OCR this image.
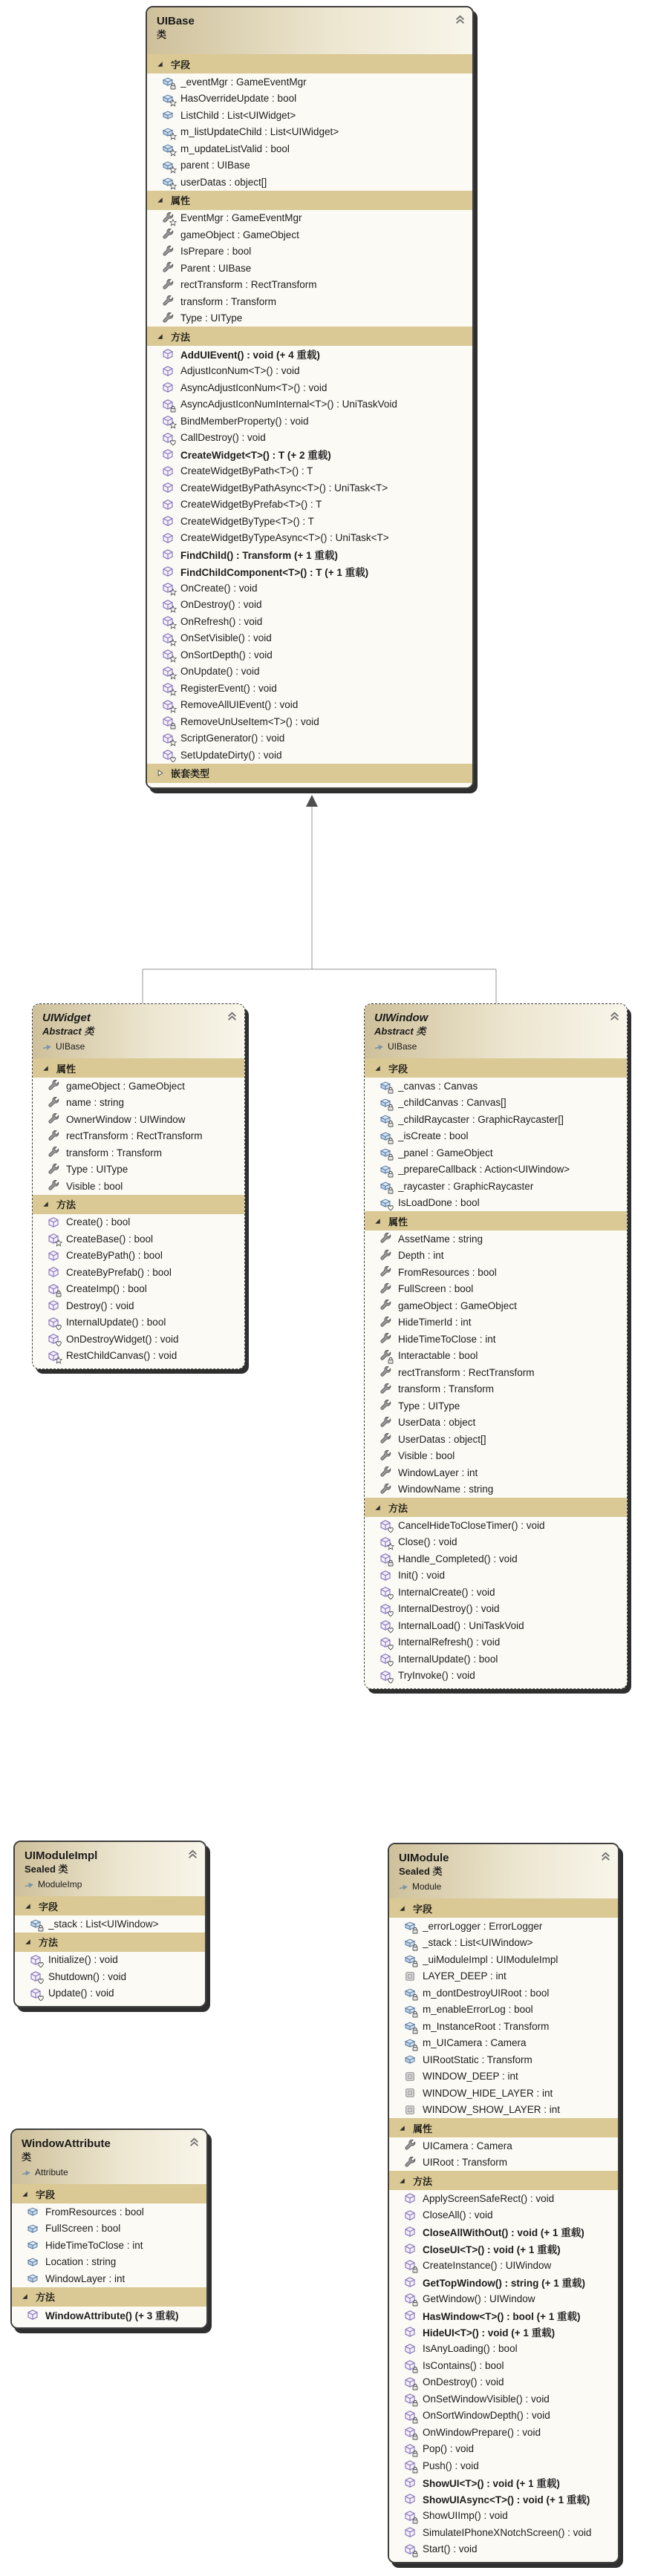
UIBase
类
字段
_eventMgr : GameEventMgr
HasOverrideUpdate : bool
ListChild : List<UIWidget>
m_listUpdateChild : List<UIWidget>
m_updateListValid : bool
parent : UIBase
userDatas : object[]
属性
EventMgr : GameEventMgr
gameObject : GameObject
IsPrepare : bool
Parent : UIBase
rectTransform : RectTransform
transform : Transform
Type : UIType
方法
AddUIEvent() : void (+ 4 重载)
AdjustIconNum<T>() : void
AsyncAdjustIconNum<T>() : void
AsyncAdjustIconNumInternal<T>() : UniTaskVoid
BindMemberProperty() : void
CallDestroy() : void
CreateWidget<T>() : T (+ 2 重载)
CreateWidgetByPath<T>() : T
CreateWidgetByPathAsync<T>() : UniTask<T>
CreateWidgetByPrefab<T>() : T
CreateWidgetByType<T>() : T
CreateWidgetByTypeAsync<T>() : UniTask<T>
FindChild() : Transform (+ 1 重载)
FindChildComponent<T>() : T (+ 1 重载)
OnCreate() : void
OnDestroy() : void
OnRefresh() : void
OnSetVisible() : void
OnSortDepth() : void
OnUpdate() : void
RegisterEvent() : void
RemoveAllUIEvent() : void
RemoveUnUseItem<T>() : void
ScriptGenerator() : void
SetUpdateDirty() : void
嵌套类型
UIWidget
Abstract 类
UIBase
属性
gameObject : GameObject
name : string
OwnerWindow : UIWindow
rectTransform : RectTransform
transform : Transform
Type : UIType
Visible : bool
方法
Create() : bool
CreateBase() : bool
CreateByPath() : bool
CreateByPrefab() : bool
CreateImp() : bool
Destroy() : void
InternalUpdate() : bool
OnDestroyWidget() : void
RestChildCanvas() : void
UIWindow
Abstract 类
UIBase
字段
_canvas : Canvas
_childCanvas : Canvas[]
_childRaycaster : GraphicRaycaster[]
_isCreate : bool
_panel : GameObject
_prepareCallback : Action<UIWindow>
_raycaster : GraphicRaycaster
IsLoadDone : bool
属性
AssetName : string
Depth : int
FromResources : bool
FullScreen : bool
gameObject : GameObject
HideTimerId : int
HideTimeToClose : int
Interactable : bool
rectTransform : RectTransform
transform : Transform
Type : UIType
UserData : object
UserDatas : object[]
Visible : bool
WindowLayer : int
WindowName : string
方法
CancelHideToCloseTimer() : void
Close() : void
Handle_Completed() : void
Init() : void
InternalCreate() : void
InternalDestroy() : void
InternalLoad() : UniTaskVoid
InternalRefresh() : void
InternalUpdate() : bool
TryInvoke() : void
UIModuleImpl
Sealed 类
ModuleImp
字段
_stack : List<UIWindow>
方法
Initialize() : void
Shutdown() : void
Update() : void
UIModule
Sealed 类
Module
字段
_errorLogger : ErrorLogger
_stack : List<UIWindow>
_uiModuleImpl : UIModuleImpl
LAYER_DEEP : int
m_dontDestroyUIRoot : bool
m_enableErrorLog : bool
m_InstanceRoot : Transform
m_UICamera : Camera
UIRootStatic : Transform
WINDOW_DEEP : int
WINDOW_HIDE_LAYER : int
WINDOW_SHOW_LAYER : int
属性
UICamera : Camera
UIRoot : Transform
方法
ApplyScreenSafeRect() : void
CloseAll() : void
CloseAllWithOut() : void (+ 1 重载)
CloseUI<T>() : void (+ 1 重载)
CreateInstance() : UIWindow
GetTopWindow() : string (+ 1 重载)
GetWindow() : UIWindow
HasWindow<T>() : bool (+ 1 重载)
HideUI<T>() : void (+ 1 重载)
IsAnyLoading() : bool
IsContains() : bool
OnDestroy() : void
OnSetWindowVisible() : void
OnSortWindowDepth() : void
OnWindowPrepare() : void
Pop() : void
Push() : void
ShowUI<T>() : void (+ 1 重载)
ShowUIAsync<T>() : void (+ 1 重载)
ShowUIImp() : void
SimulateIPhoneXNotchScreen() : void
Start() : void
WindowAttribute
类
Attribute
字段
FromResources : bool
FullScreen : bool
HideTimeToClose : int
Location : string
WindowLayer : int
方法
WindowAttribute() (+ 3 重载)
